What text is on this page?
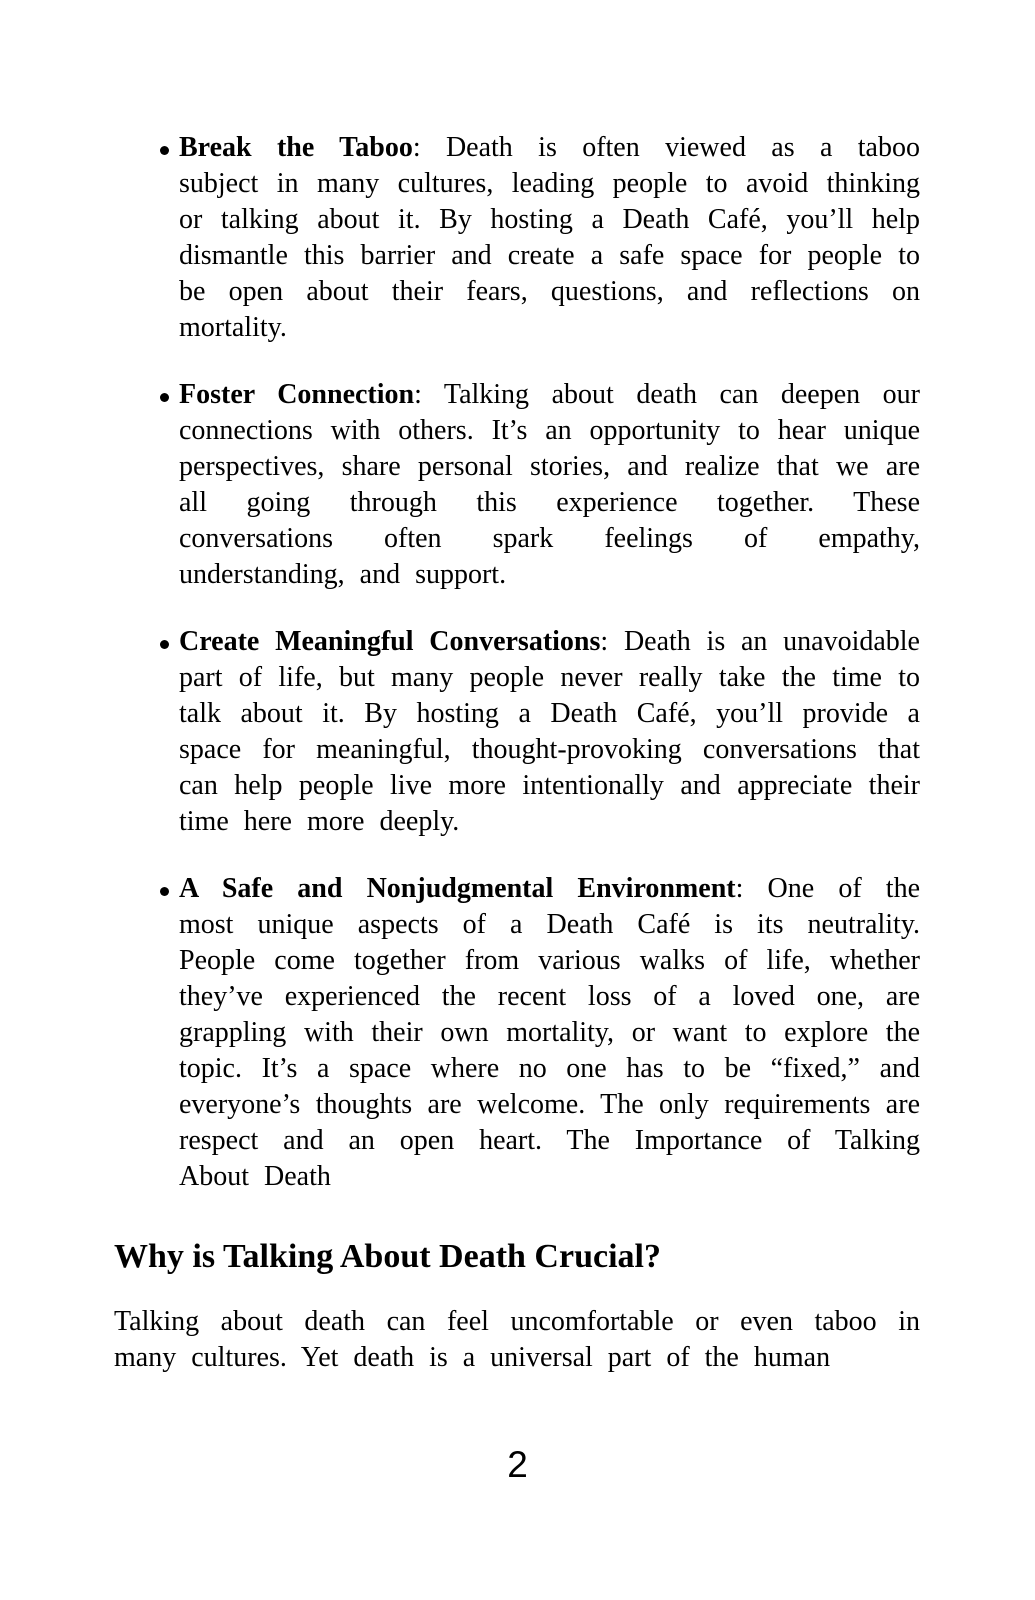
Break the Taboo: Death is often viewed as a taboo subject in many cultures, leading people to avoid thinking or talking about it. By hosting a Death Café, you’ll help dismantle this barrier and create a safe space for people to be open about their fears, questions, and reflections on mortality.

Foster Connection: Talking about death can deepen our connections with others. It’s an opportunity to hear unique perspectives, share personal stories, and realize that we are all going through this experience together. These conversations often spark feelings of empathy, understanding, and support.

Create Meaningful Conversations: Death is an unavoidable part of life, but many people never really take the time to talk about it. By hosting a Death Café, you’ll provide a space for meaningful, thought-provoking conversations that can help people live more intentionally and appreciate their time here more deeply.

A Safe and Nonjudgmental Environment: One of the most unique aspects of a Death Café is its neutrality. People come together from various walks of life, whether they’ve experienced the recent loss of a loved one, are grappling with their own mortality, or want to explore the topic. It’s a space where no one has to be “fixed,” and everyone’s thoughts are welcome. The only requirements are respect and an open heart. The Importance of Talking About Death

Why is Talking About Death Crucial?

Talking about death can feel uncomfortable or even taboo in many cultures. Yet death is a universal part of the human

2
